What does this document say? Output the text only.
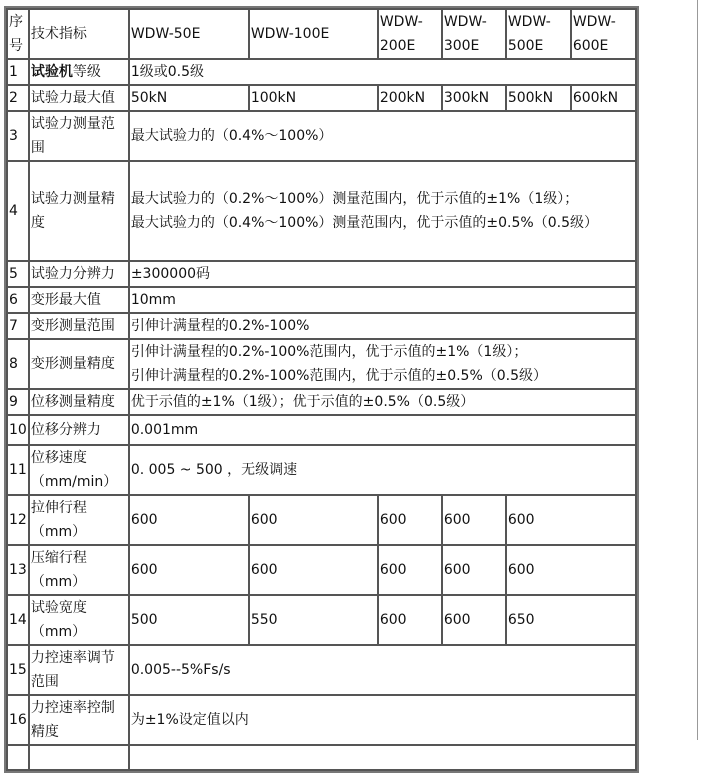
序号	技术指标	WDW-50E	WDW-100E	WDW-200E	WDW-300E	WDW-500E	WDW-600E
1	试验机等级	1级或0.5级					
2	试验力最大值	50kN	100kN	200kN	300kN	500kN	600kN
3	试验力测量范围	最大试验力的（0.4%～100%）					
4	试验力测量精度	最大试验力的（0.2%～100%）测量范围内，优于示值的±1%（1级）；
最大试验力的（0.4%～100%）测量范围内，优于示值的±0.5%（0.5级）					

5	试验力分辨力	±300000码					
6	变形最大值	10mm					
7	变形测量范围	引伸计满量程的0.2%-100%					
8	变形测量精度	引伸计满量程的0.2%-100%范围内，优于示值的±1%（1级）；
引伸计满量程的0.2%-100%范围内，优于示值的±0.5%（0.5级）					

9	位移测量精度	优于示值的±1%（1级）；优于示值的±0.5%（0.5级）					
10	位移分辨力	0.001mm					
11	位移速度（mm/min）	0. 005 ~ 500 ，无级调速					
12	拉伸行程（mm）	600	600	600	600	600	
13	压缩行程（mm）	600	600	600	600	600	
14	试验宽度（mm）	500	550	600	600	650	
15	力控速率调节范围	0.005--5%Fs/s					
16	力控速率控制精度	为±1%设定值以内					
